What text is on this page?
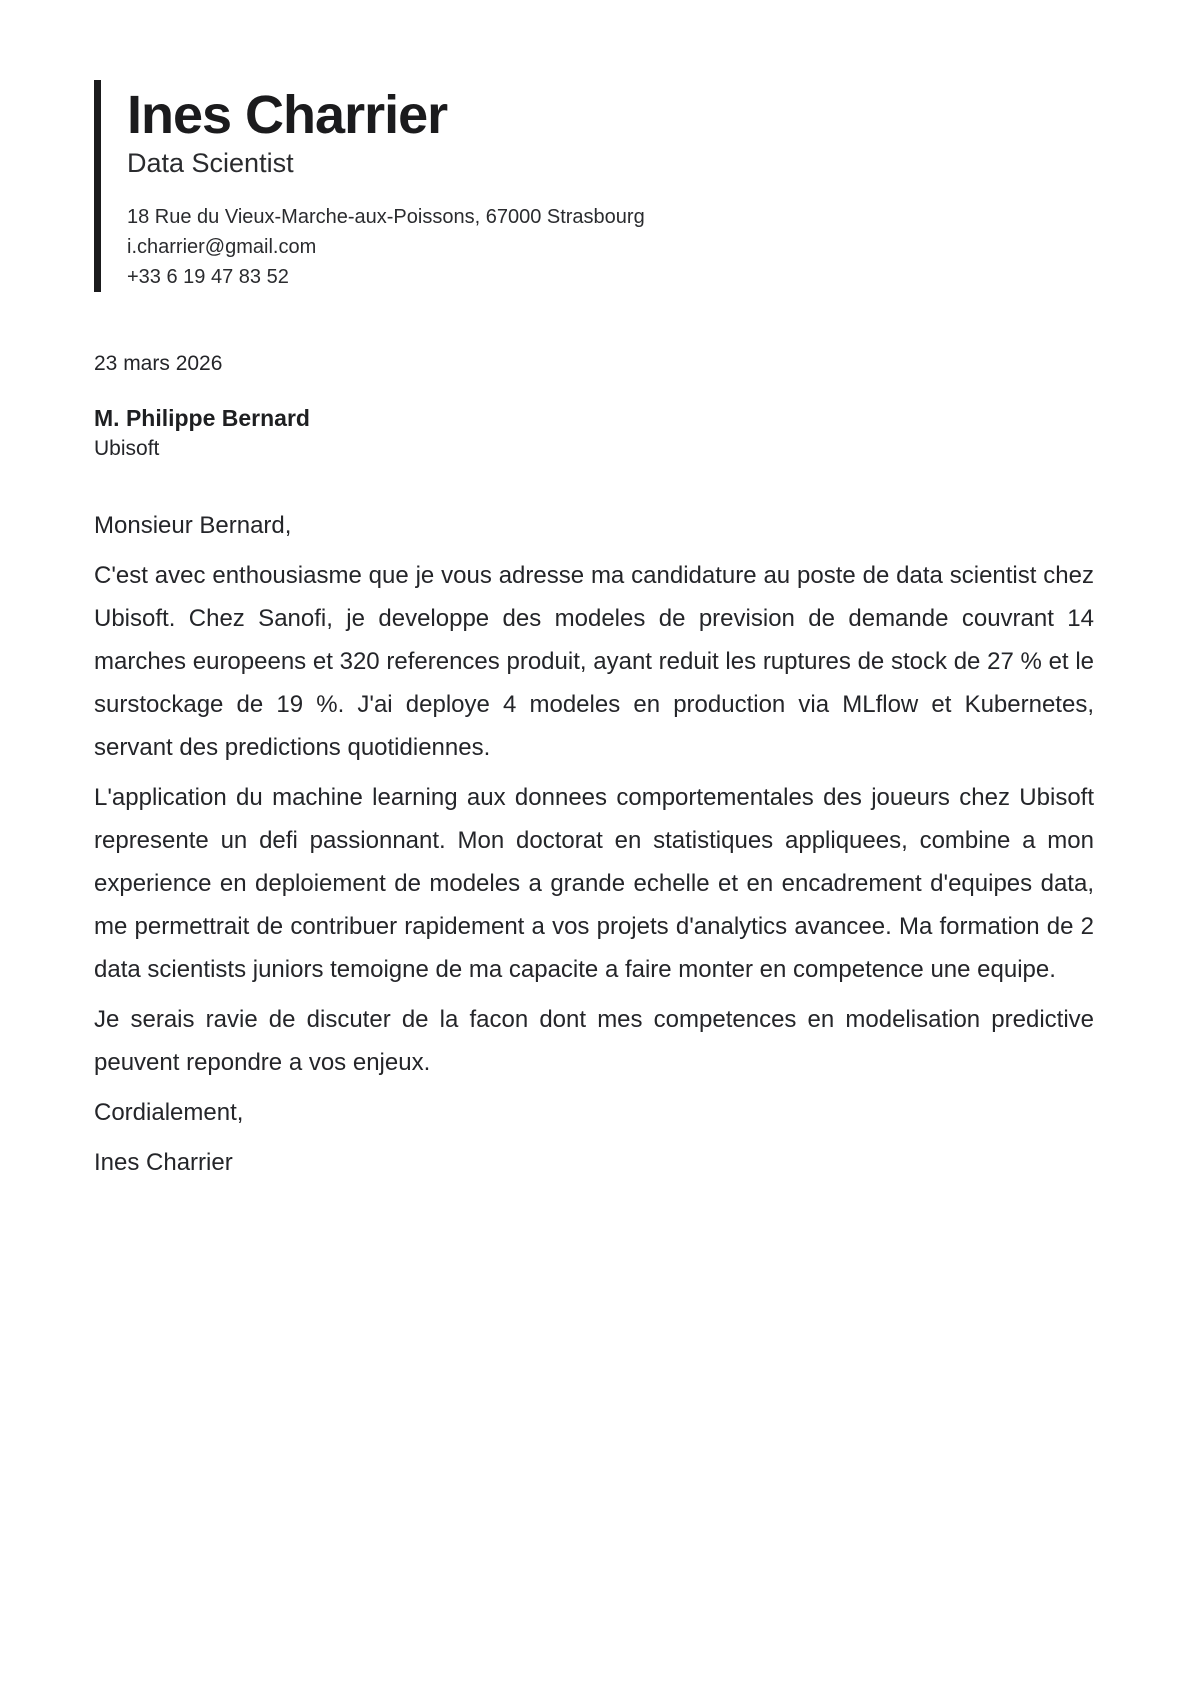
Ines Charrier
Data Scientist
18 Rue du Vieux-Marche-aux-Poissons, 67000 Strasbourg
i.charrier@gmail.com
+33 6 19 47 83 52
23 mars 2026
M. Philippe Bernard
Ubisoft

Monsieur Bernard,

C'est avec enthousiasme que je vous adresse ma candidature au poste de data scientist chez Ubisoft. Chez Sanofi, je developpe des modeles de prevision de demande couvrant 14 marches europeens et 320 references produit, ayant reduit les ruptures de stock de 27 % et le surstockage de 19 %. J'ai deploye 4 modeles en production via MLflow et Kubernetes, servant des predictions quotidiennes.

L'application du machine learning aux donnees comportementales des joueurs chez Ubisoft represente un defi passionnant. Mon doctorat en statistiques appliquees, combine a mon experience en deploiement de modeles a grande echelle et en encadrement d'equipes data, me permettrait de contribuer rapidement a vos projets d'analytics avancee. Ma formation de 2 data scientists juniors temoigne de ma capacite a faire monter en competence une equipe.

Je serais ravie de discuter de la facon dont mes competences en modelisation predictive peuvent repondre a vos enjeux.

Cordialement,

Ines Charrier
